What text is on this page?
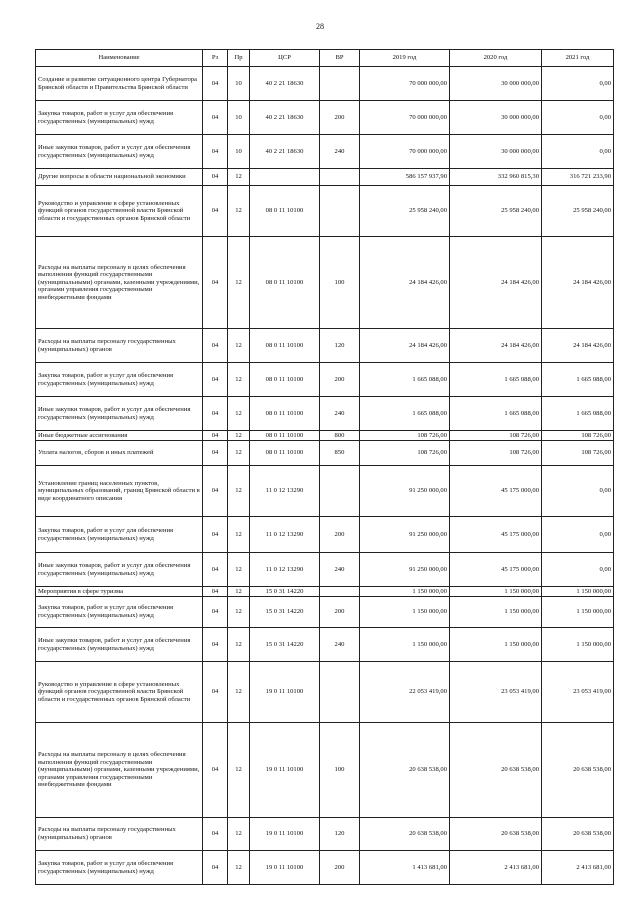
28
Наименование	Рз	Пр	ЦСР	ВР	2019 год	2020 год	2021 год
Создание и развитие ситуационного центра Губернатора Брянской области и Правительства Брянской области	04	10	40 2 21 18630		70 000 000,00	30 000 000,00	0,00
Закупка товаров, работ и услуг для обеспечения государственных (муниципальных) нужд	04	10	40 2 21 18630	200	70 000 000,00	30 000 000,00	0,00
Иные закупки товаров, работ и услуг для обеспечения государственных (муниципальных) нужд	04	10	40 2 21 18630	240	70 000 000,00	30 000 000,00	0,00
Другие вопросы в области национальной экономики	04	12			586 157 937,90	332 960 815,30	316 721 233,90
Руководство и управление в сфере установленных функций органов государственной власти Брянской области и государственных органов Брянской области	04	12	08 0 11 10100		25 958 240,00	25 958 240,00	25 958 240,00
Расходы на выплаты персоналу в целях обеспечения выполнения функций государственными (муниципальными) органами, казенными учреждениями, органами управления государственными внебюджетными фондами	04	12	08 0 11 10100	100	24 184 426,00	24 184 426,00	24 184 426,00
Расходы на выплаты персоналу государственных (муниципальных) органов	04	12	08 0 11 10100	120	24 184 426,00	24 184 426,00	24 184 426,00
Закупка товаров, работ и услуг для обеспечения государственных (муниципальных) нужд	04	12	08 0 11 10100	200	1 665 088,00	1 665 088,00	1 665 088,00
Иные закупки товаров, работ и услуг для обеспечения государственных (муниципальных) нужд	04	12	08 0 11 10100	240	1 665 088,00	1 665 088,00	1 665 088,00
Иные бюджетные ассигнования	04	12	08 0 11 10100	800	108 726,00	108 726,00	108 726,00
Уплата налогов, сборов и иных платежей	04	12	08 0 11 10100	850	108 726,00	108 726,00	108 726,00
Установление границ населенных пунктов, муниципальных образований, границ Брянской области в виде координатного описания	04	12	11 0 12 13290		91 250 000,00	45 175 000,00	0,00
Закупка товаров, работ и услуг для обеспечения государственных (муниципальных) нужд	04	12	11 0 12 13290	200	91 250 000,00	45 175 000,00	0,00
Иные закупки товаров, работ и услуг для обеспечения государственных (муниципальных) нужд	04	12	11 0 12 13290	240	91 250 000,00	45 175 000,00	0,00
Мероприятия в сфере туризма	04	12	15 0 31 14220		1 150 000,00	1 150 000,00	1 150 000,00
Закупка товаров, работ и услуг для обеспечения государственных (муниципальных) нужд	04	12	15 0 31 14220	200	1 150 000,00	1 150 000,00	1 150 000,00
Иные закупки товаров, работ и услуг для обеспечения государственных (муниципальных) нужд	04	12	15 0 31 14220	240	1 150 000,00	1 150 000,00	1 150 000,00
Руководство и управление в сфере установленных функций органов государственной власти Брянской области и государственных органов Брянской области	04	12	19 0 11 10100		22 053 419,00	23 053 419,00	23 053 419,00
Расходы на выплаты персоналу в целях обеспечения выполнения функций государственными (муниципальными) органами, казенными учреждениями, органами управления государственными внебюджетными фондами	04	12	19 0 11 10100	100	20 638 538,00	20 638 538,00	20 638 538,00
Расходы на выплаты персоналу государственных (муниципальных) органов	04	12	19 0 11 10100	120	20 638 538,00	20 638 538,00	20 638 538,00
Закупка товаров, работ и услуг для обеспечения государственных (муниципальных) нужд	04	12	19 0 11 10100	200	1 413 681,00	2 413 681,00	2 413 681,00
